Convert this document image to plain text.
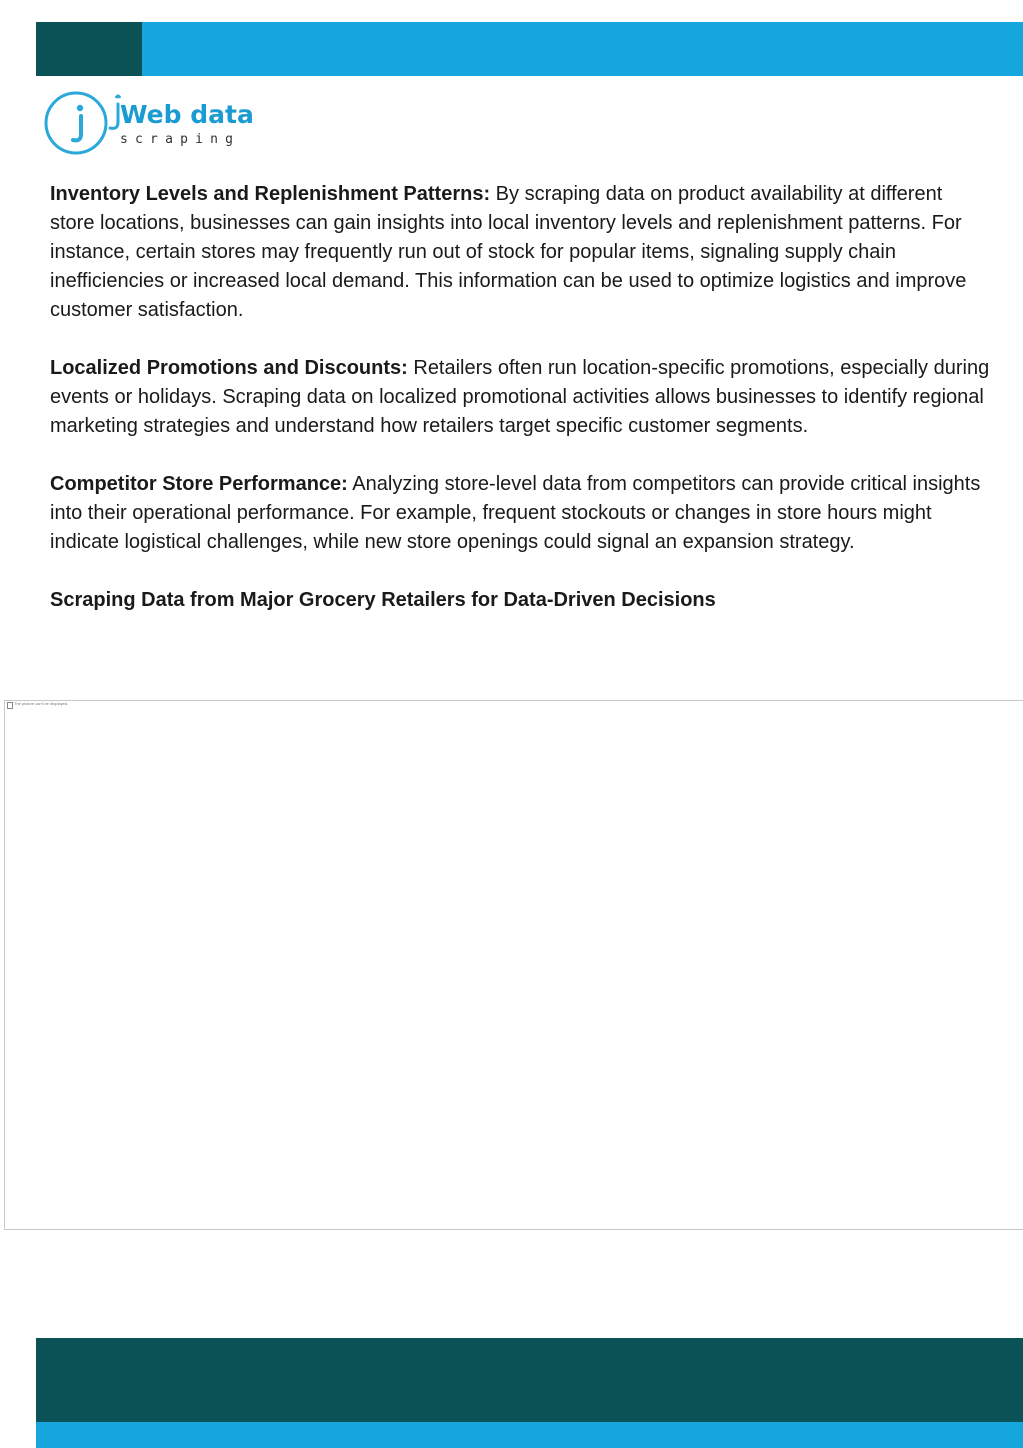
Web data
scraping

Inventory Levels and Replenishment Patterns: By scraping data on product availability at different store locations, businesses can gain insights into local inventory levels and replenishment patterns. For instance, certain stores may frequently run out of stock for popular items, signaling supply chain inefficiencies or increased local demand. This information can be used to optimize logistics and improve customer satisfaction.

Localized Promotions and Discounts: Retailers often run location-specific promotions, especially during events or holidays. Scraping data on localized promotional activities allows businesses to identify regional marketing strategies and understand how retailers target specific customer segments.

Competitor Store Performance: Analyzing store-level data from competitors can provide critical insights into their operational performance. For example, frequent stockouts or changes in store hours might indicate logistical challenges, while new store openings could signal an expansion strategy.

Scraping Data from Major Grocery Retailers for Data-Driven Decisions
The picture can't be displayed.
